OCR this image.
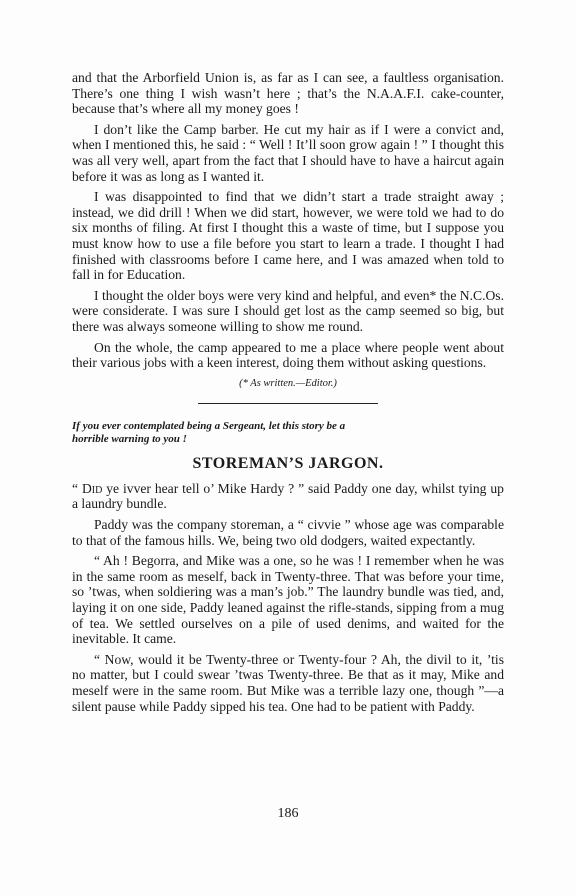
and that the Arborfield Union is, as far as I can see, a faultless organisation. There’s one thing I wish wasn’t here ; that’s the N.A.A.F.I. cake-counter, because that’s where all my money goes !

I don’t like the Camp barber. He cut my hair as if I were a convict and, when I mentioned this, he said : “ Well ! It’ll soon grow again ! ” I thought this was all very well, apart from the fact that I should have to have a haircut again before it was as long as I wanted it.

I was disappointed to find that we didn’t start a trade straight away ; instead, we did drill ! When we did start, however, we were told we had to do six months of filing. At first I thought this a waste of time, but I suppose you must know how to use a file before you start to learn a trade. I thought I had finished with classrooms before I came here, and I was amazed when told to fall in for Education.

I thought the older boys were very kind and helpful, and even* the N.C.Os. were considerate. I was sure I should get lost as the camp seemed so big, but there was always someone willing to show me round.

On the whole, the camp appeared to me a place where people went about their various jobs with a keen interest, doing them without asking questions.

(* As written.—Editor.)
If you ever contemplated being a Sergeant, let this story be a horrible warning to you !
STOREMAN’S JARGON.

“ Did ye ivver hear tell o’ Mike Hardy ? ” said Paddy one day, whilst tying up a laundry bundle.

Paddy was the company storeman, a “ civvie ” whose age was comparable to that of the famous hills. We, being two old dodgers, waited expectantly.

“ Ah ! Begorra, and Mike was a one, so he was ! I remember when he was in the same room as meself, back in Twenty-three. That was before your time, so ’twas, when soldiering was a man’s job.” The laundry bundle was tied, and, laying it on one side, Paddy leaned against the rifle-stands, sipping from a mug of tea. We settled ourselves on a pile of used denims, and waited for the inevitable. It came.

“ Now, would it be Twenty-three or Twenty-four ? Ah, the divil to it, ’tis no matter, but I could swear ’twas Twenty-three. Be that as it may, Mike and meself were in the same room. But Mike was a terrible lazy one, though ”—a silent pause while Paddy sipped his tea. One had to be patient with Paddy.

186
